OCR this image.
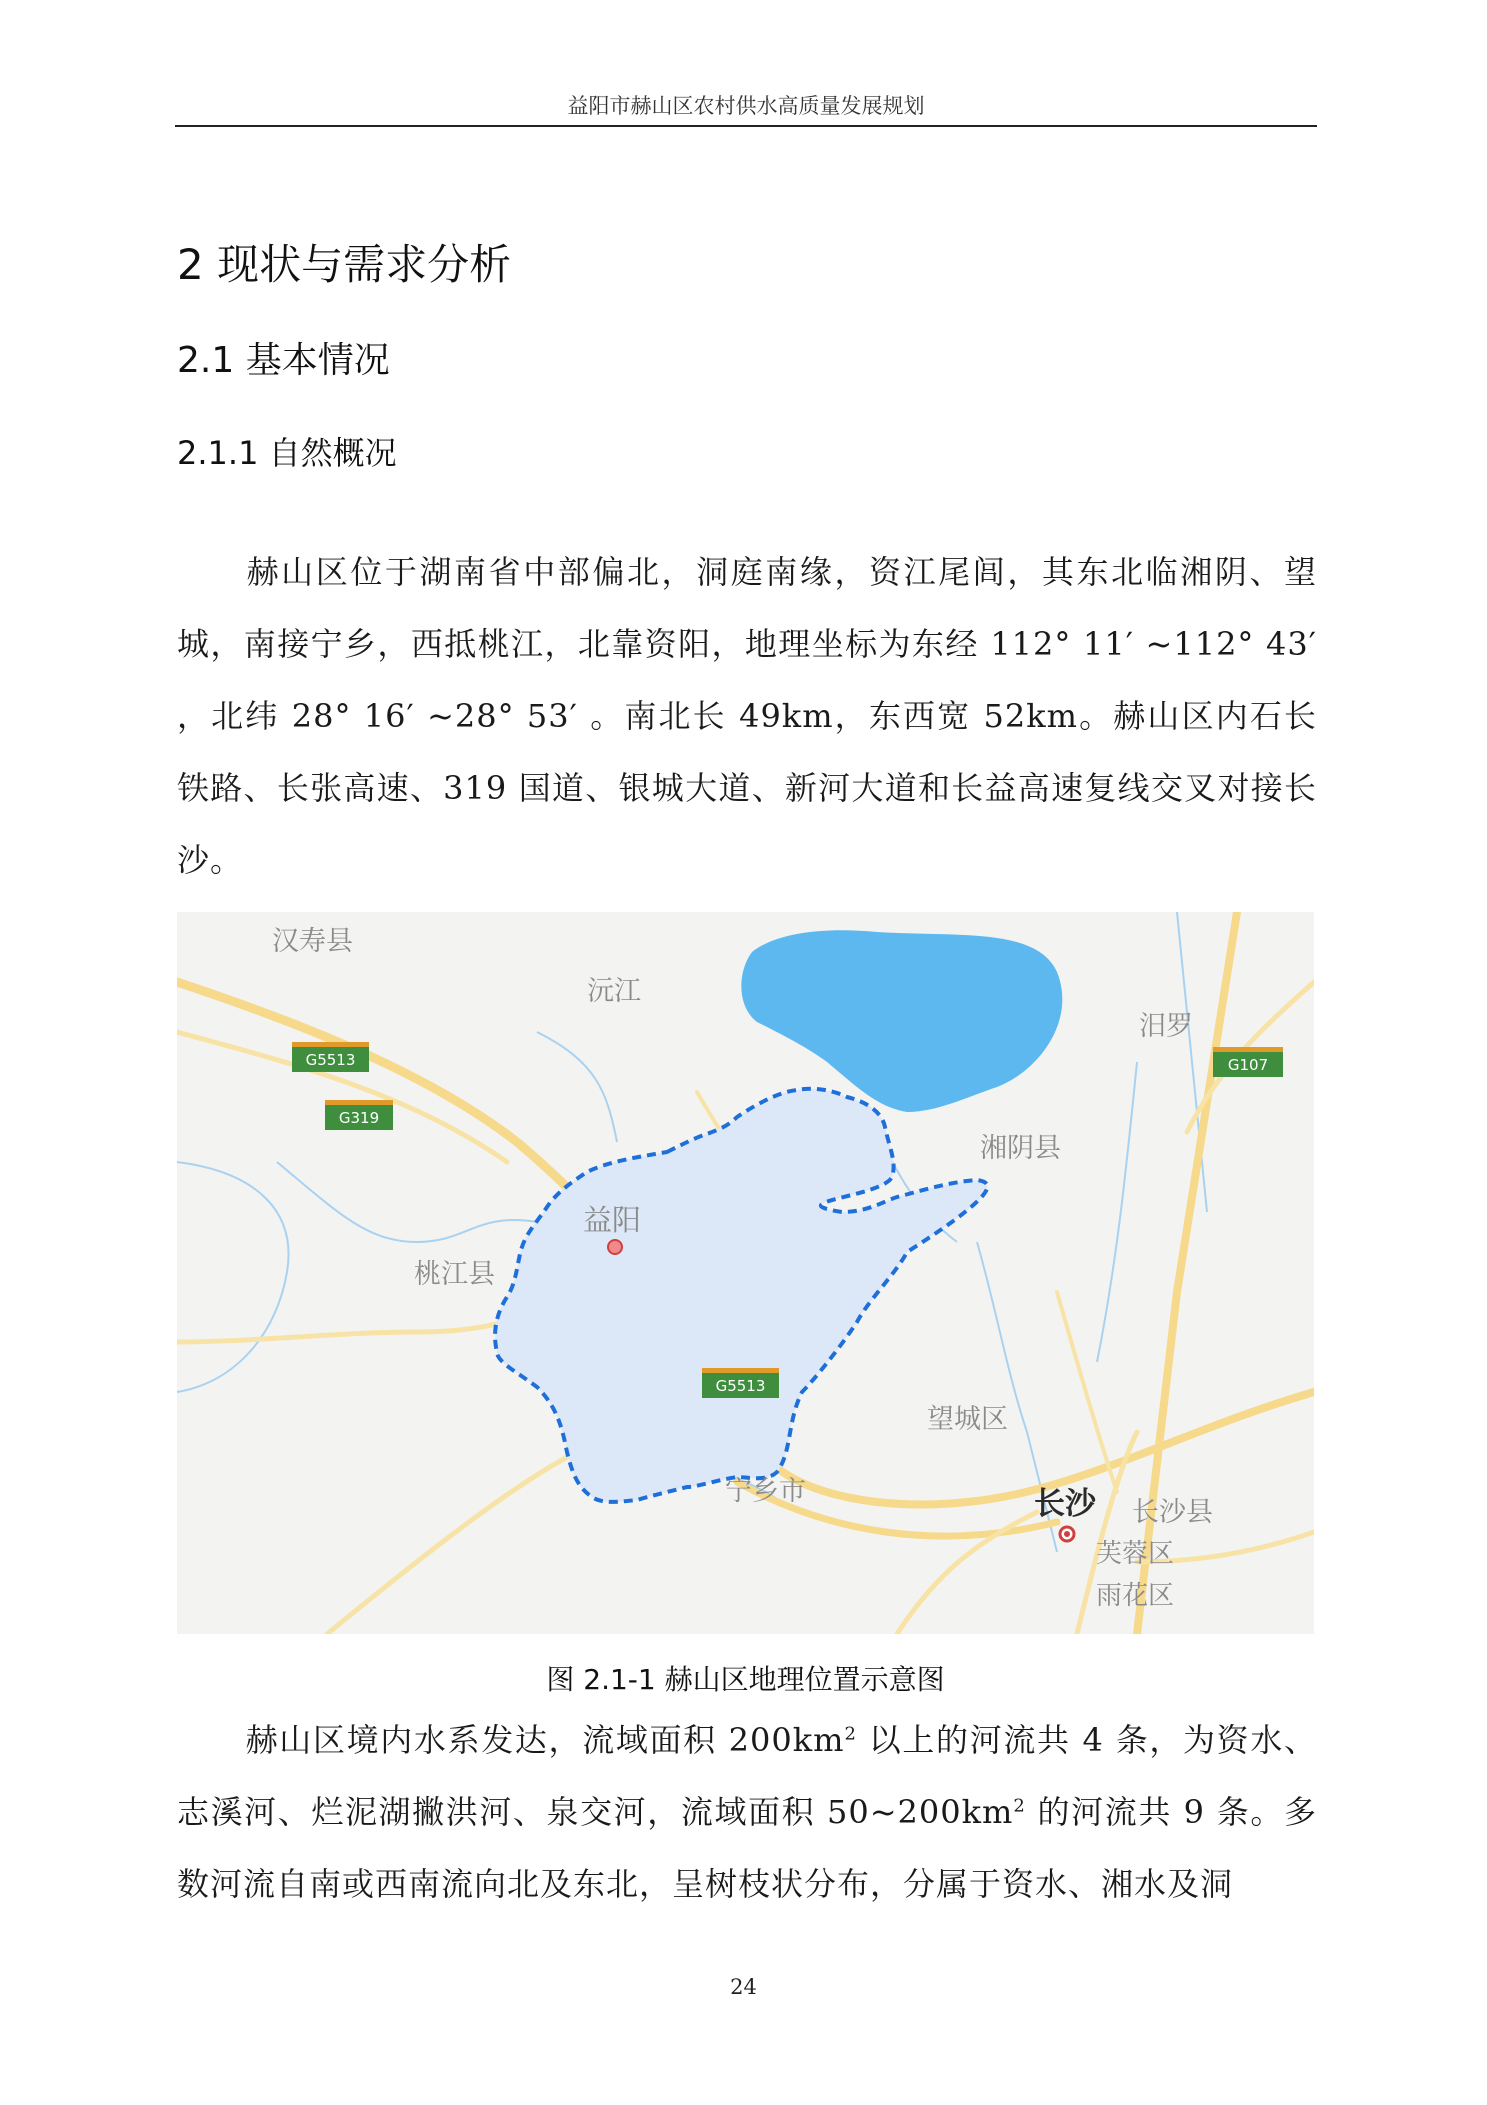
益阳市赫山区农村供水高质量发展规划
2 现状与需求分析
2.1 基本情况
2.1.1 自然概况
赫山区位于湖南省中部偏北，洞庭南缘，资江尾闾，其东北临湘阴、望城，南接宁乡，西抵桃江，北靠资阳，地理坐标为东经 112° 11′ ~112° 43′ ，北纬 28° 16′ ~28° 53′ 。南北长 49km，东西宽 52km。赫山区内石长铁路、长张高速、319 国道、银城大道、新河大道和长益高速复线交叉对接长沙。
汉寿县
沅江
汨罗
湘阴县
益阳
桃江县
望城区
宁乡市	长沙 长沙县
芙蓉区
雨花区
G5513
G319
G107
G5513
图 2.1-1 赫山区地理位置示意图
赫山区境内水系发达，流域面积 $200km^2$ 以上的河流共 4 条，为资水、志溪河、烂泥湖撇洪河、泉交河，流域面积 $50\sim 200km^2$ 的河流共 9 条。多数河流自南或西南流向北及东北，呈树枝状分布，分属于资水、湘水及洞
24
